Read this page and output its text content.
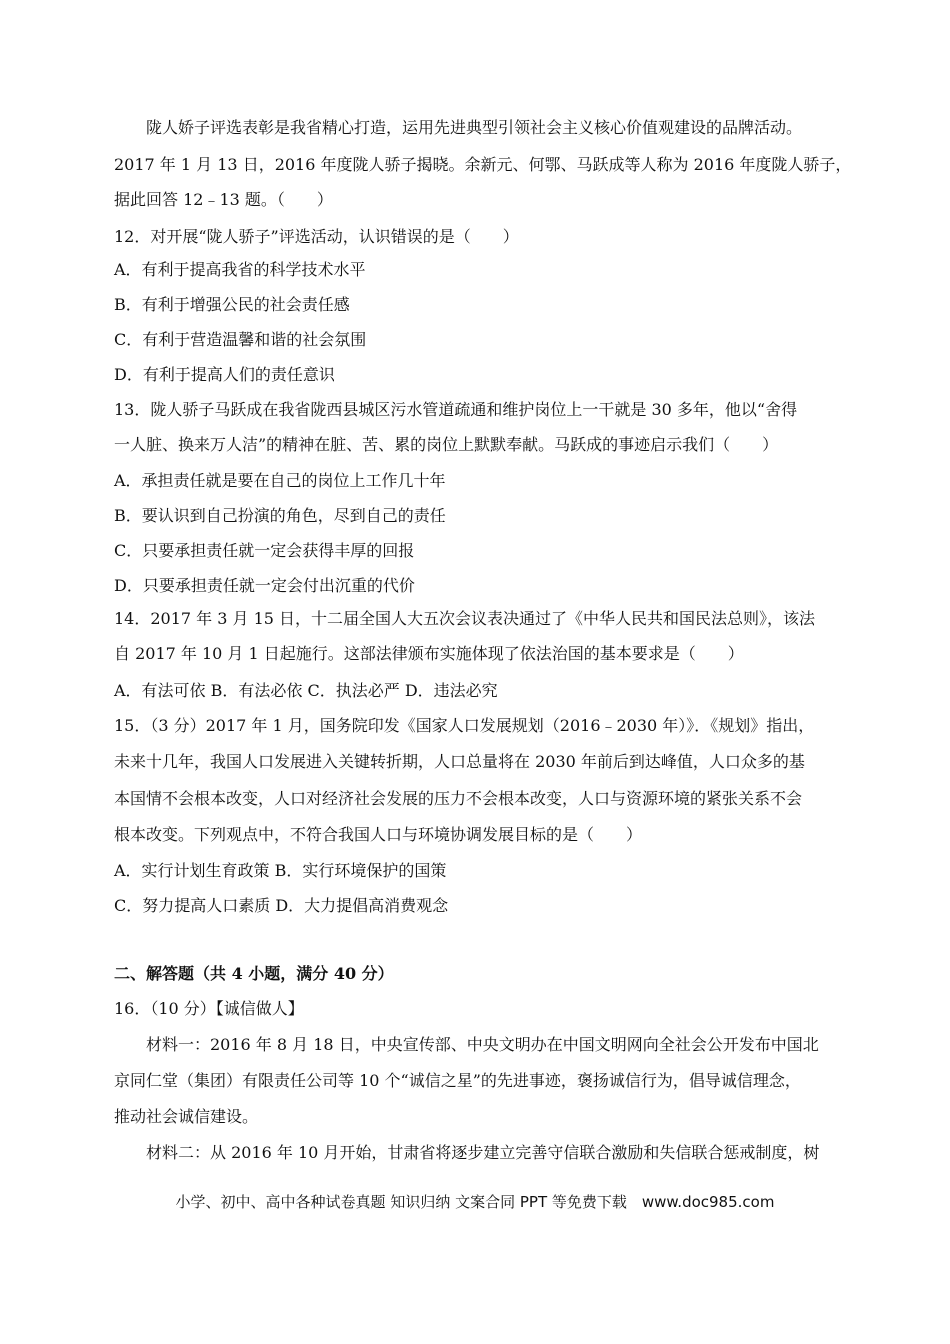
陇人娇子评选表彰是我省精心打造，运用先进典型引领社会主义核心价值观建设的品牌活动。
2017 年 1 月 13 日，2016 年度陇人骄子揭晓。余新元、何鄂、马跃成等人称为 2016 年度陇人骄子，
据此回答 12﹣13 题。（　　）
12．对开展“陇人骄子”评选活动，认识错误的是（　　）
A．有利于提高我省的科学技术水平
B．有利于增强公民的社会责任感
C．有利于营造温馨和谐的社会氛围
D．有利于提高人们的责任意识
13．陇人骄子马跃成在我省陇西县城区污水管道疏通和维护岗位上一干就是 30 多年，他以“舍得
一人脏、换来万人洁”的精神在脏、苦、累的岗位上默默奉献。马跃成的事迹启示我们（　　）
A．承担责任就是要在自己的岗位上工作几十年
B．要认识到自己扮演的角色，尽到自己的责任
C．只要承担责任就一定会获得丰厚的回报
D．只要承担责任就一定会付出沉重的代价
14．2017 年 3 月 15 日，十二届全国人大五次会议表决通过了《中华人民共和国民法总则》，该法
自 2017 年 10 月 1 日起施行。这部法律颁布实施体现了依法治国的基本要求是（　　）
A．有法可依 B．有法必依 C．执法必严 D．违法必究
15．（3 分）2017 年 1 月，国务院印发《国家人口发展规划（2016﹣2030 年）》．《规划》指出，
未来十几年，我国人口发展进入关键转折期，人口总量将在 2030 年前后到达峰值，人口众多的基
本国情不会根本改变，人口对经济社会发展的压力不会根本改变，人口与资源环境的紧张关系不会
根本改变。下列观点中，不符合我国人口与环境协调发展目标的是（　　）
A．实行计划生育政策 B．实行环境保护的国策
C．努力提高人口素质 D．大力提倡高消费观念
二、解答题（共 4 小题，满分 40 分）
16．（10 分）【诚信做人】
材料一：2016 年 8 月 18 日，中央宣传部、中央文明办在中国文明网向全社会公开发布中国北
京同仁堂（集团）有限责任公司等 10 个“诚信之星”的先进事迹，褒扬诚信行为，倡导诚信理念，
推动社会诚信建设。
材料二：从 2016 年 10 月开始，甘肃省将逐步建立完善守信联合激励和失信联合惩戒制度，树
小学、初中、高中各种试卷真题 知识归纳 文案合同 PPT 等免费下载　www.doc985.com
